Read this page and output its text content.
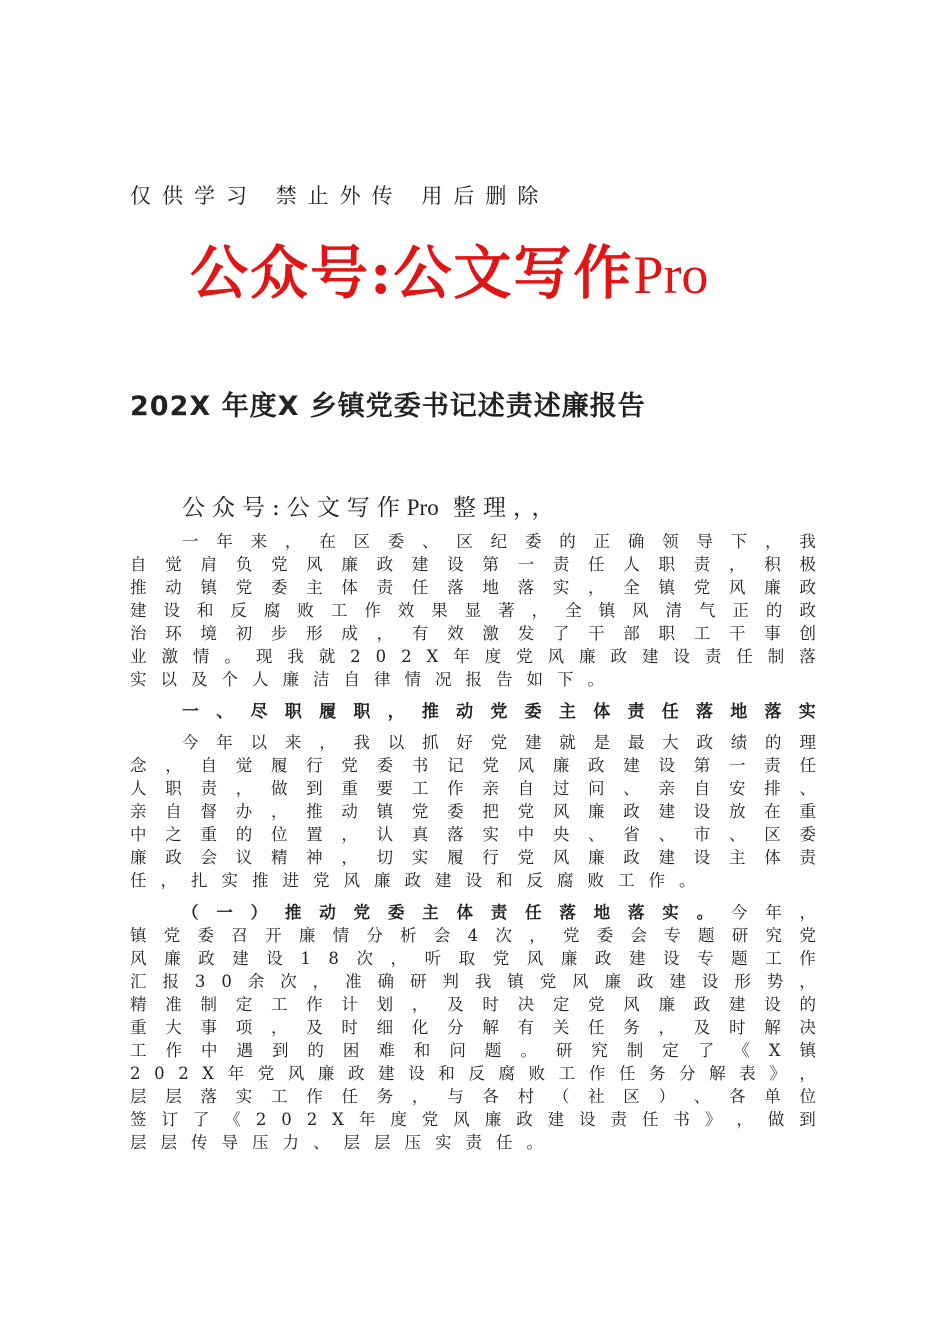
仅供学习 禁止外传 用后删除
公众号:公文写作Pro
202X 年度X 乡镇党委书记述责述廉报告
公众号:公文写作Pro 整理，，
一 年 来 ， 在 区 委 、 区 纪 委 的 正 确 领 导 下 ， 我
自 觉 肩 负 党 风 廉 政 建 设 第 一 责 任 人 职 责 ， 积 极
推 动 镇 党 委 主 体 责 任 落 地 落 实 ， 全 镇 党 风 廉 政
建 设 和 反 腐 败 工 作 效 果 显 著 ， 全 镇 风 清 气 正 的 政
治 环 境 初 步 形 成 ， 有 效 激 发 了 干 部 职 工 干 事 创
业 激 情 。 现 我 就 2 0 2 X 年 度 党 风 廉 政 建 设 责 任 制 落
实以及个人廉洁自律情况报告如下。
一 、 尽 职 履 职 ， 推 动 党 委 主 体 责 任 落 地 落 实
今 年 以 来 ， 我 以 抓 好 党 建 就 是 最 大 政 绩 的 理
念 ， 自 觉 履 行 党 委 书 记 党 风 廉 政 建 设 第 一 责 任
人 职 责 ， 做 到 重 要 工 作 亲 自 过 问 、 亲 自 安 排 、
亲 自 督 办 ， 推 动 镇 党 委 把 党 风 廉 政 建 设 放 在 重
中 之 重 的 位 置 ， 认 真 落 实 中 央 、 省 、 市 、 区 委
廉 政 会 议 精 神 ， 切 实 履 行 党 风 廉 政 建 设 主 体 责
任，扎实推进党风廉政建设和反腐败工作。
（一）推动党委主体责任落地落实。今年，
镇 党 委 召 开 廉 情 分 析 会 4 次 ， 党 委 会 专 题 研 究 党
风 廉 政 建 设 1 8 次 ， 听 取 党 风 廉 政 建 设 专 题 工 作
汇 报 3 0 余 次 ， 准 确 研 判 我 镇 党 风 廉 政 建 设 形 势 ，
精 准 制 定 工 作 计 划 ， 及 时 决 定 党 风 廉 政 建 设 的
重 大 事 项 ， 及 时 细 化 分 解 有 关 任 务 ， 及 时 解 决
工 作 中 遇 到 的 困 难 和 问 题 。 研 究 制 定 了 《 X 镇
2 0 2 X 年 党 风 廉 政 建 设 和 反 腐 败 工 作 任 务 分 解 表 》 ，
层 层 落 实 工 作 任 务 ， 与 各 村 （ 社 区 ） 、 各 单 位
签 订 了 《 2 0 2 X 年 度 党 风 廉 政 建 设 责 任 书 》 ， 做 到
层层传导压力、层层压实责任。
